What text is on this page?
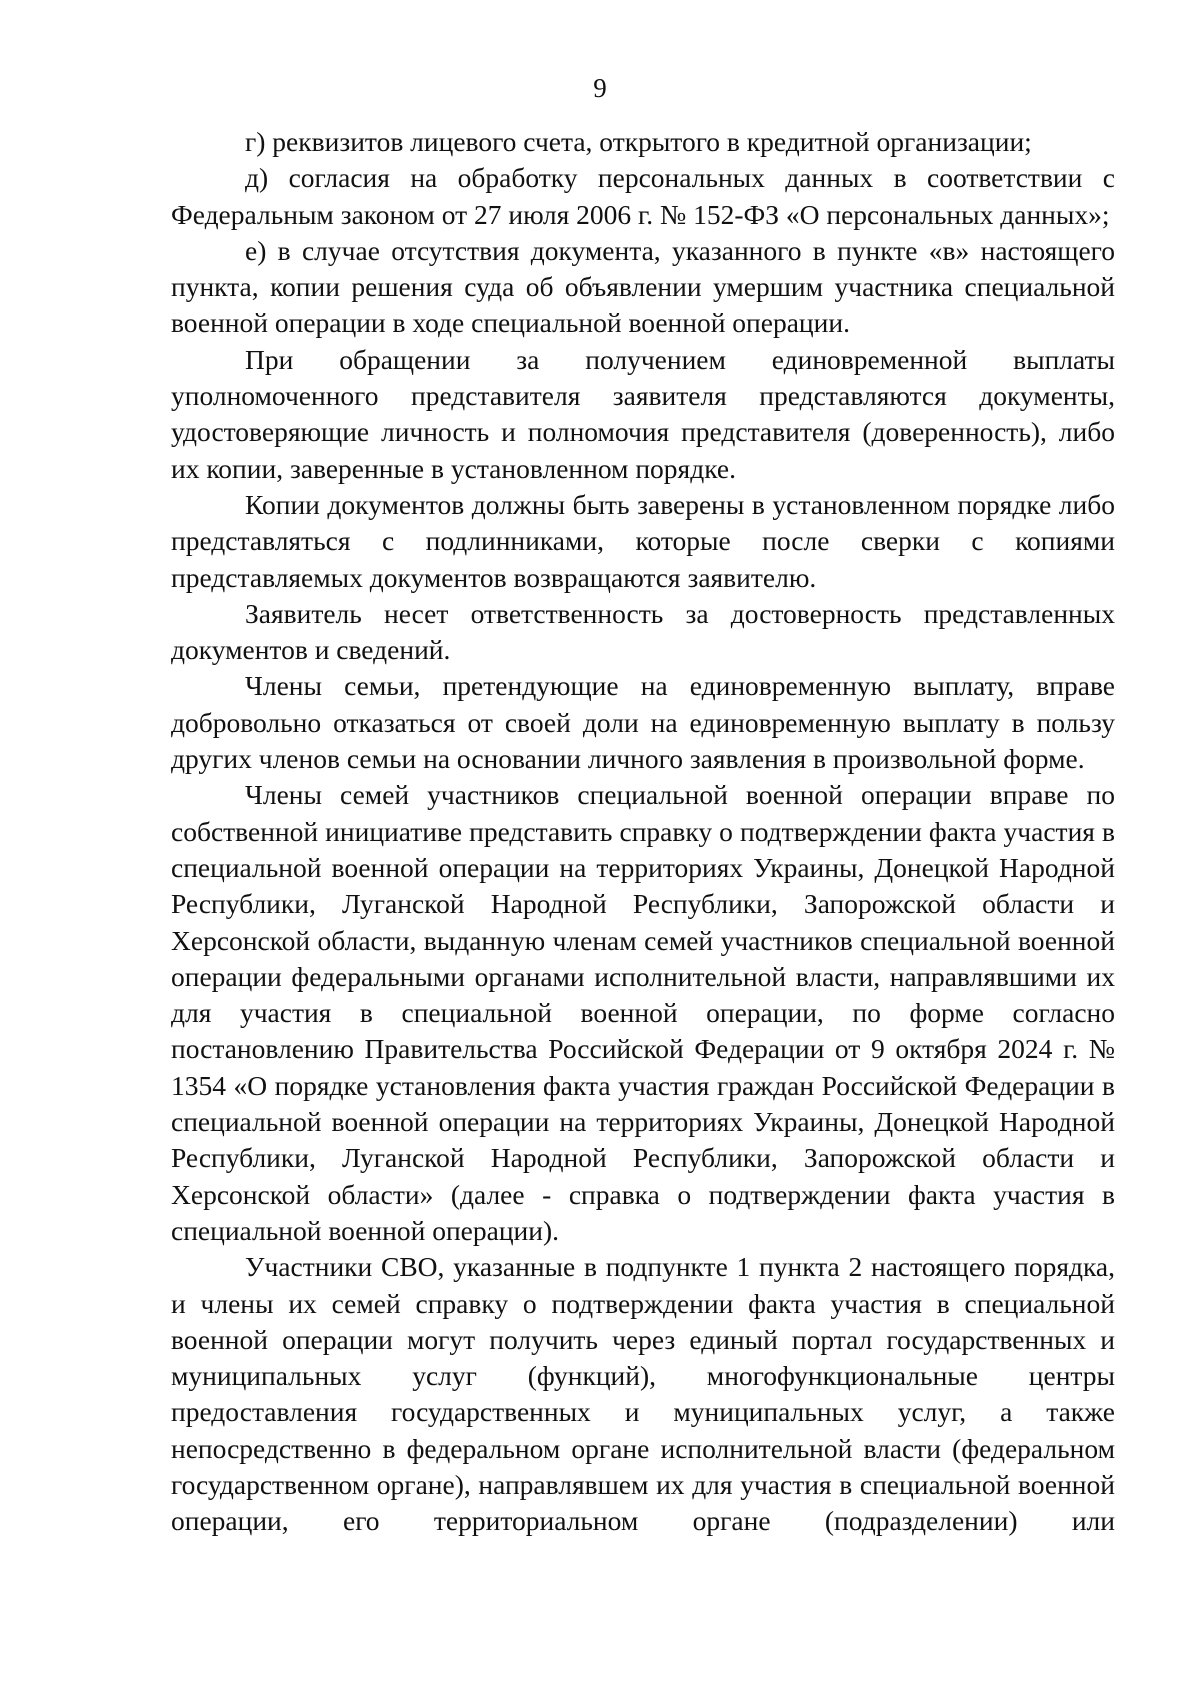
9

г) реквизитов лицевого счета, открытого в кредитной организации;

д) согласия на обработку персональных данных в соответствии с Федеральным законом от 27 июля 2006 г. № 152-ФЗ «О персональных данных»;

е) в случае отсутствия документа, указанного в пункте «в» настоящего пункта, копии решения суда об объявлении умершим участника специальной военной операции в ходе специальной военной операции.

При обращении за получением единовременной выплаты уполномоченного представителя заявителя представляются документы, удостоверяющие личность и полномочия представителя (доверенность), либо их копии, заверенные в установленном порядке.

Копии документов должны быть заверены в установленном порядке либо представляться с подлинниками, которые после сверки с копиями представляемых документов возвращаются заявителю.

Заявитель несет ответственность за достоверность представленных документов и сведений.

Члены семьи, претендующие на единовременную выплату, вправе добровольно отказаться от своей доли на единовременную выплату в пользу других членов семьи на основании личного заявления в произвольной форме.

Члены семей участников специальной военной операции вправе по собственной инициативе представить справку о подтверждении факта участия в специальной военной операции на территориях Украины, Донецкой Народной Республики, Луганской Народной Республики, Запорожской области и Херсонской области, выданную членам семей участников специальной военной операции федеральными органами исполнительной власти, направлявшими их для участия в специальной военной операции, по форме согласно постановлению Правительства Российской Федерации от 9 октября 2024 г. № 1354 «О порядке установления факта участия граждан Российской Федерации в специальной военной операции на территориях Украины, Донецкой Народной Республики, Луганской Народной Республики, Запорожской области и Херсонской области» (далее - справка о подтверждении факта участия в специальной военной операции).

Участники СВО, указанные в подпункте 1 пункта 2 настоящего порядка, и члены их семей справку о подтверждении факта участия в специальной военной операции могут получить через единый портал государственных и муниципальных услуг (функций), многофункциональные центры предоставления государственных и муниципальных услуг, а также непосредственно в федеральном органе исполнительной власти (федеральном государственном органе), направлявшем их для участия в специальной военной операции, его территориальном органе (подразделении) или
